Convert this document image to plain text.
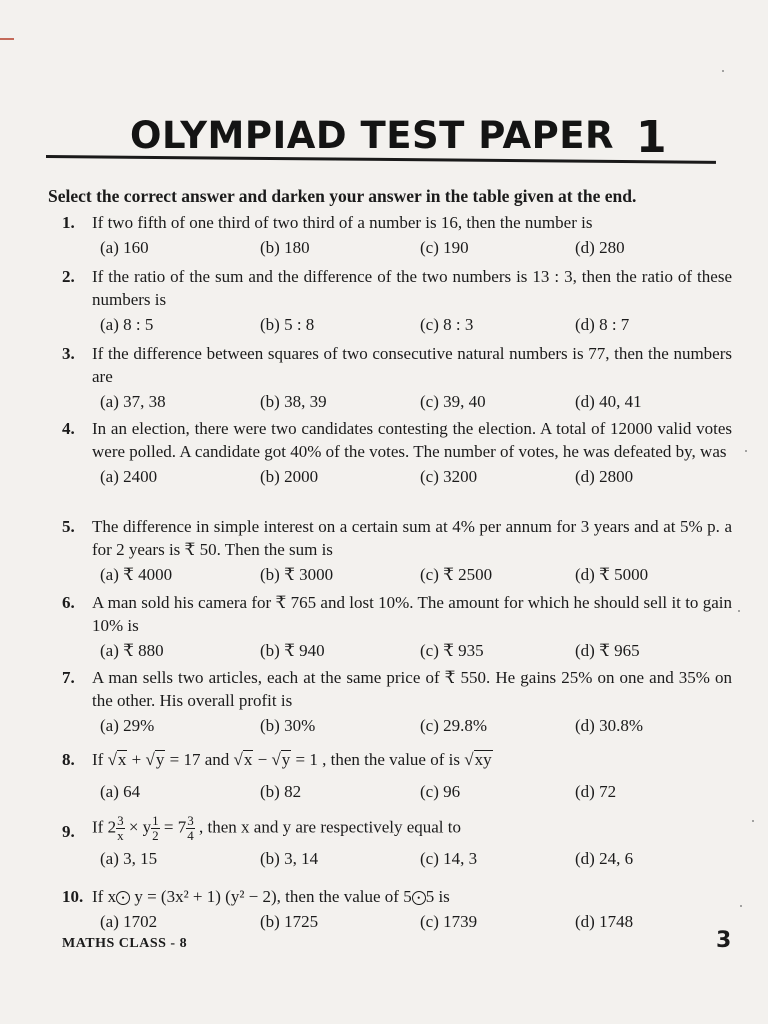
OLYMPIAD TEST PAPER 1
Select the correct answer and darken your answer in the table given at the end.
1. If two fifth of one third of two third of a number is 16, then the number is
(a) 160	(b) 180	(c) 190	(d) 280
2. If the ratio of the sum and the difference of the two numbers is 13 : 3, then the ratio of these numbers is
(a) 8 : 5	(b) 5 : 8	(c) 8 : 3	(d) 8 : 7
3. If the difference between squares of two consecutive natural numbers is 77, then the numbers are
(a) 37, 38	(b) 38, 39	(c) 39, 40	(d) 40, 41
4. In an election, there were two candidates contesting the election. A total of 12000 valid votes were polled. A candidate got 40% of the votes. The number of votes, he was defeated by, was
(a) 2400	(b) 2000	(c) 3200	(d) 2800
5. The difference in simple interest on a certain sum at 4% per annum for 3 years and at 5% p. a for 2 years is ₹ 50. Then the sum is
(a) ₹ 4000	(b) ₹ 3000	(c) ₹ 2500	(d) ₹ 5000
6. A man sold his camera for ₹ 765 and lost 10%. The amount for which he should sell it to gain 10% is
(a) ₹ 880	(b) ₹ 940	(c) ₹ 935	(d) ₹ 965
7. A man sells two articles, each at the same price of ₹ 550. He gains 25% on one and 35% on the other. His overall profit is
(a) 29%	(b) 30%	(c) 29.8%	(d) 30.8%
8. If √x + √y = 17 and √x − √y = 1 , then the value of is √xy
(a) 64	(b) 82	(c) 96	(d) 72
9. If $2 \frac{3}{x} \times y \frac{1}{2} = 7 \frac{3}{4}$ , then x and y are respectively equal to
(a) 3, 15	(b) 3, 14	(c) 14, 3	(d) 24, 6
10. If x • y = (3x² + 1) (y² − 2), then the value of 5 • 5 is
(a) 1702	(b) 1725	(c) 1739	(d) 1748
MATHS CLASS - 8	3
